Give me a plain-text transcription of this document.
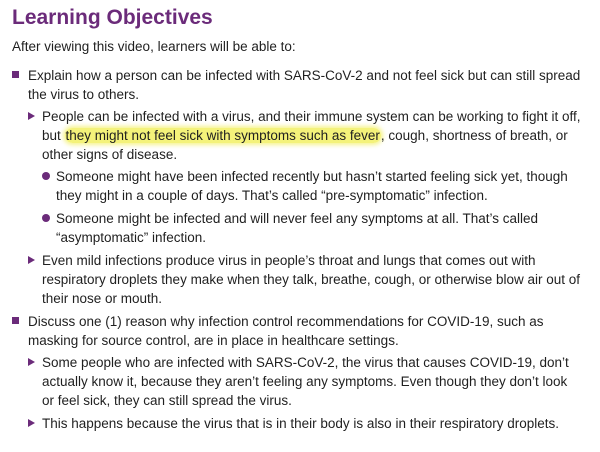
Learning Objectives

After viewing this video, learners will be able to:

Explain how a person can be infected with SARS-CoV-2 and not feel sick but can still spread the virus to others.
People can be infected with a virus, and their immune system can be working to fight it off, but they might not feel sick with symptoms such as fever, cough, shortness of breath, or other signs of disease.
Someone might have been infected recently but hasn’t started feeling sick yet, though they might in a couple of days. That’s called “pre-symptomatic” infection.
Someone might be infected and will never feel any symptoms at all. That’s called “asymptomatic” infection.
Even mild infections produce virus in people’s throat and lungs that comes out with respiratory droplets they make when they talk, breathe, cough, or otherwise blow air out of their nose or mouth.
Discuss one (1) reason why infection control recommendations for COVID-19, such as masking for source control, are in place in healthcare settings.
Some people who are infected with SARS-CoV-2, the virus that causes COVID-19, don’t actually know it, because they aren’t feeling any symptoms. Even though they don’t look or feel sick, they can still spread the virus.
This happens because the virus that is in their body is also in their respiratory droplets.
